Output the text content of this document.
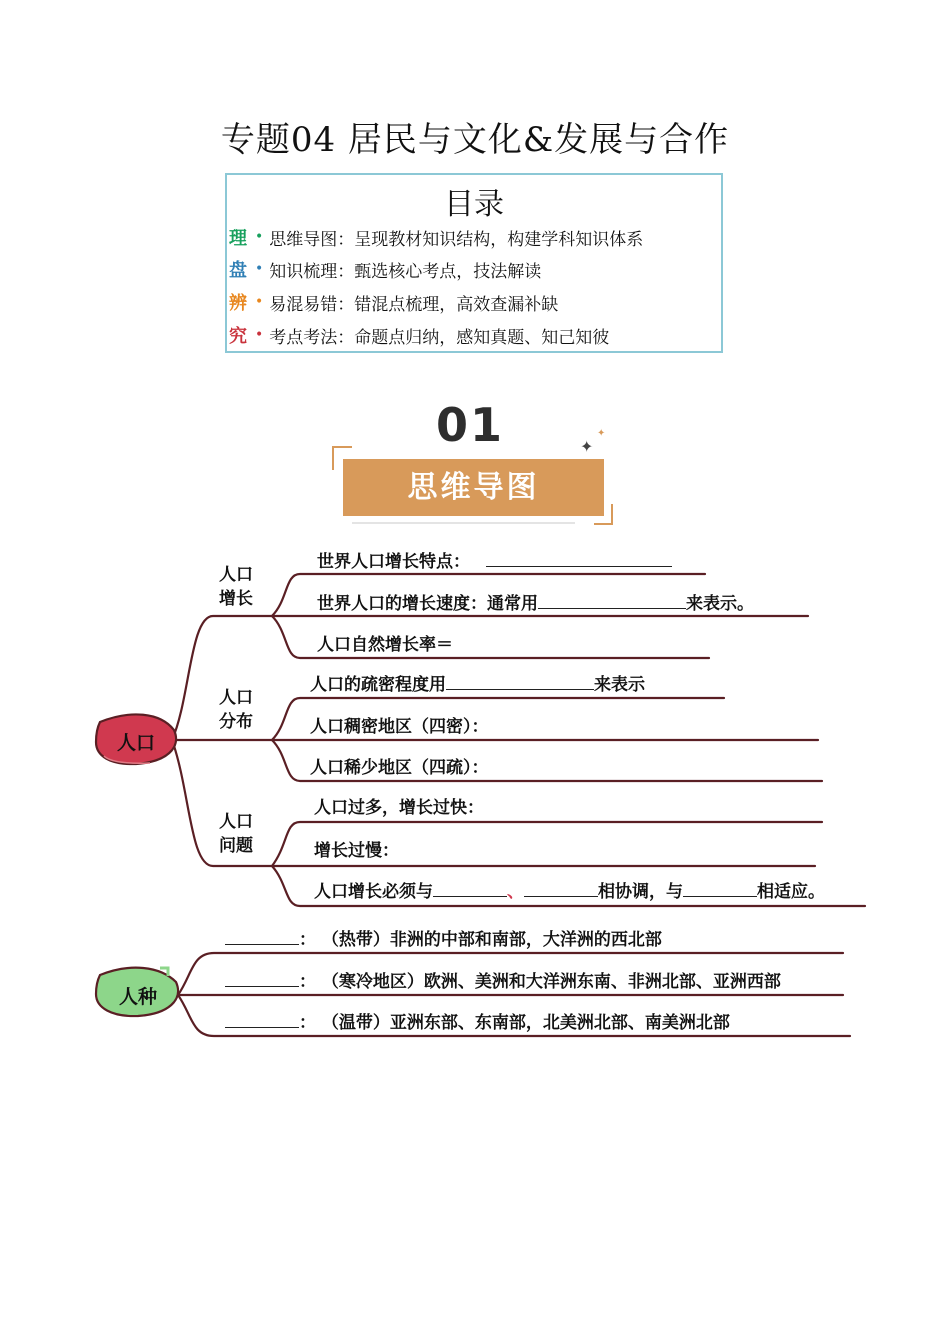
专题04 居民与文化&发展与合作
目录
理 • 思维导图：呈现教材知识结构，构建学科知识体系
盘 • 知识梳理：甄选核心考点，技法解读
辨 • 易混易错：错混点梳理，高效查漏补缺
究 • 考点考法：命题点归纳，感知真题、知己知彼
01
思维导图
✦
✦
人口
人种
人口增长
人口分布
人口问题
世界人口增长特点：
世界人口的增长速度：通常用	来表示。
人口自然增长率＝
人口的疏密程度用	来表示
人口稠密地区（四密）：
人口稀少地区（四疏）：
人口过多，增长过快：
增长过慢：
人口增长必须与	、	相协调，与	相适应。
： （热带）非洲的中部和南部，大洋洲的西北部
： （寒冷地区）欧洲、美洲和大洋洲东南、非洲北部、亚洲西部
： （温带）亚洲东部、东南部，北美洲北部、南美洲北部
